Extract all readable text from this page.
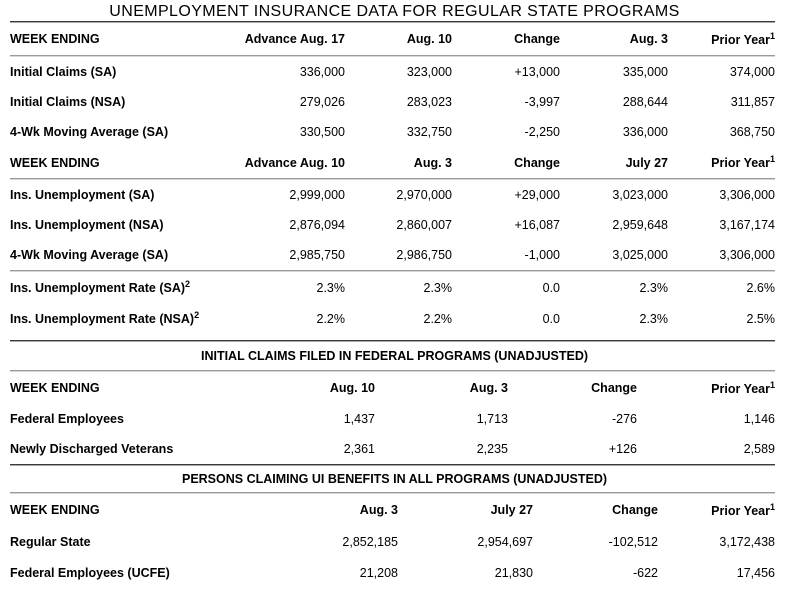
UNEMPLOYMENT INSURANCE DATA FOR REGULAR STATE PROGRAMS
WEEK ENDING	Advance Aug. 17	Aug. 10	Change	Aug. 3	Prior Year$^1$
Initial Claims (SA)	336,000	323,000	+13,000	335,000	374,000
Initial Claims (NSA)	279,026	283,023	-3,997	288,644	311,857
4-Wk Moving Average (SA)	330,500	332,750	-2,250	336,000	368,750
WEEK ENDING	Advance Aug. 10	Aug. 3	Change	July 27	Prior Year$^1$
Ins. Unemployment (SA)	2,999,000	2,970,000	+29,000	3,023,000	3,306,000
Ins. Unemployment (NSA)	2,876,094	2,860,007	+16,087	2,959,648	3,167,174
4-Wk Moving Average (SA)	2,985,750	2,986,750	-1,000	3,025,000	3,306,000
Ins. Unemployment Rate (SA)$^2$	2.3%	2.3%	0.0	2.3%	2.6%
Ins. Unemployment Rate (NSA)$^2$	2.2%	2.2%	0.0	2.3%	2.5%
INITIAL CLAIMS FILED IN FEDERAL PROGRAMS (UNADJUSTED)
WEEK ENDING	Aug. 10	Aug. 3	Change	Prior Year$^1$
Federal Employees	1,437	1,713	-276	1,146
Newly Discharged Veterans	2,361	2,235	+126	2,589
PERSONS CLAIMING UI BENEFITS IN ALL PROGRAMS (UNADJUSTED)
WEEK ENDING	Aug. 3	July 27	Change	Prior Year$^1$
Regular State	2,852,185	2,954,697	-102,512	3,172,438
Federal Employees (UCFE)	21,208	21,830	-622	17,456
